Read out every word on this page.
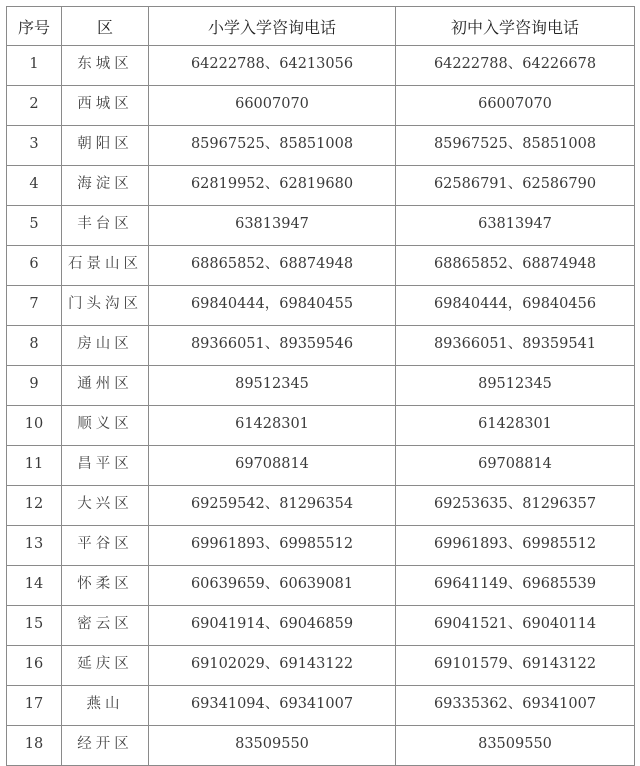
序号	区	小学入学咨询电话	初中入学咨询电话
1	东城区	64222788、64213056	64222788、64226678
2	西城区	66007070	66007070
3	朝阳区	85967525、85851008	85967525、85851008
4	海淀区	62819952、62819680	62586791、62586790
5	丰台区	63813947	63813947
6	石景山区	68865852、68874948	68865852、68874948
7	门头沟区	69840444，69840455	69840444，69840456
8	房山区	89366051、89359546	89366051、89359541
9	通州区	89512345	89512345
10	顺义区	61428301	61428301
11	昌平区	69708814	69708814
12	大兴区	69259542、81296354	69253635、81296357
13	平谷区	69961893、69985512	69961893、69985512
14	怀柔区	60639659、60639081	69641149、69685539
15	密云区	69041914、69046859	69041521、69040114
16	延庆区	69102029、69143122	69101579、69143122
17	燕山	69341094、69341007	69335362、69341007
18	经开区	83509550	83509550
